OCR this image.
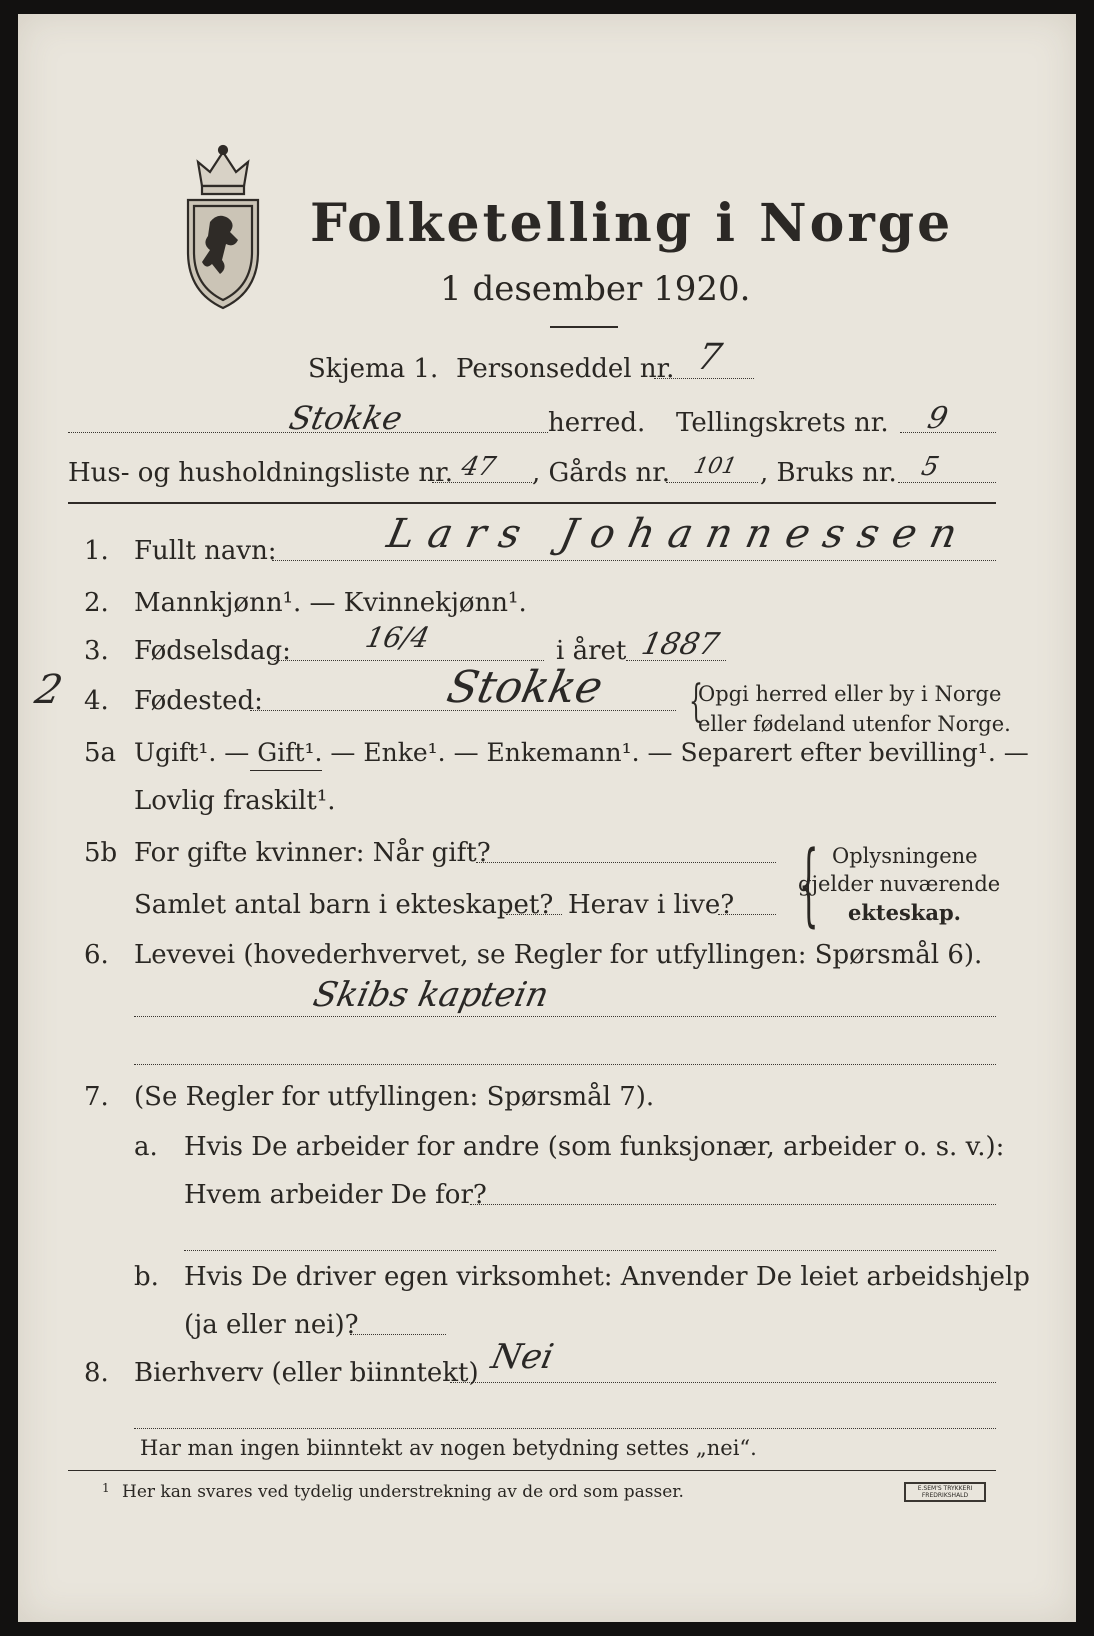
Folketelling i Norge
1 desember 1920.
Skjema 1. Personseddel nr. 7
Stokke	herred. Tellingskrets nr. 9
Hus- og husholdningsliste nr. 47 , Gårds nr. 101 , Bruks nr. 5
1. Fullt navn:	Lars Johannessen
2. Mannkjønn¹. — Kvinnekjønn¹.
3. Fødselsdag:	16/4	i året 1887
2 4. Fødested:	Stokke {
Opgi herred eller by i Norge
eller fødeland utenfor Norge.
5a Ugift¹. — Gift¹. — Enke¹. — Enkemann¹. — Separert efter bevilling¹. —
Lovlig fraskilt¹.
5b For gifte kvinner: Når gift?
Samlet antal barn i ekteskapet? Herav i live? { Oplysningene
gjelder nuværende
ekteskap.
6. Levevei (hovederhvervet, se Regler for utfyllingen: Spørsmål 6).
Skibs kaptein
7. (Se Regler for utfyllingen: Spørsmål 7).
a. Hvis De arbeider for andre (som funksjonær, arbeider o. s. v.):
Hvem arbeider De for?
b. Hvis De driver egen virksomhet: Anvender De leiet arbeidshjelp
(ja eller nei)?
8. Bierhverv (eller biinntekt) Nei
Har man ingen biinntekt av nogen betydning settes „nei“.
1 Her kan svares ved tydelig understrekning av de ord som passer.	E.SEM'S TRYKKERI FREDRIKSHALD
